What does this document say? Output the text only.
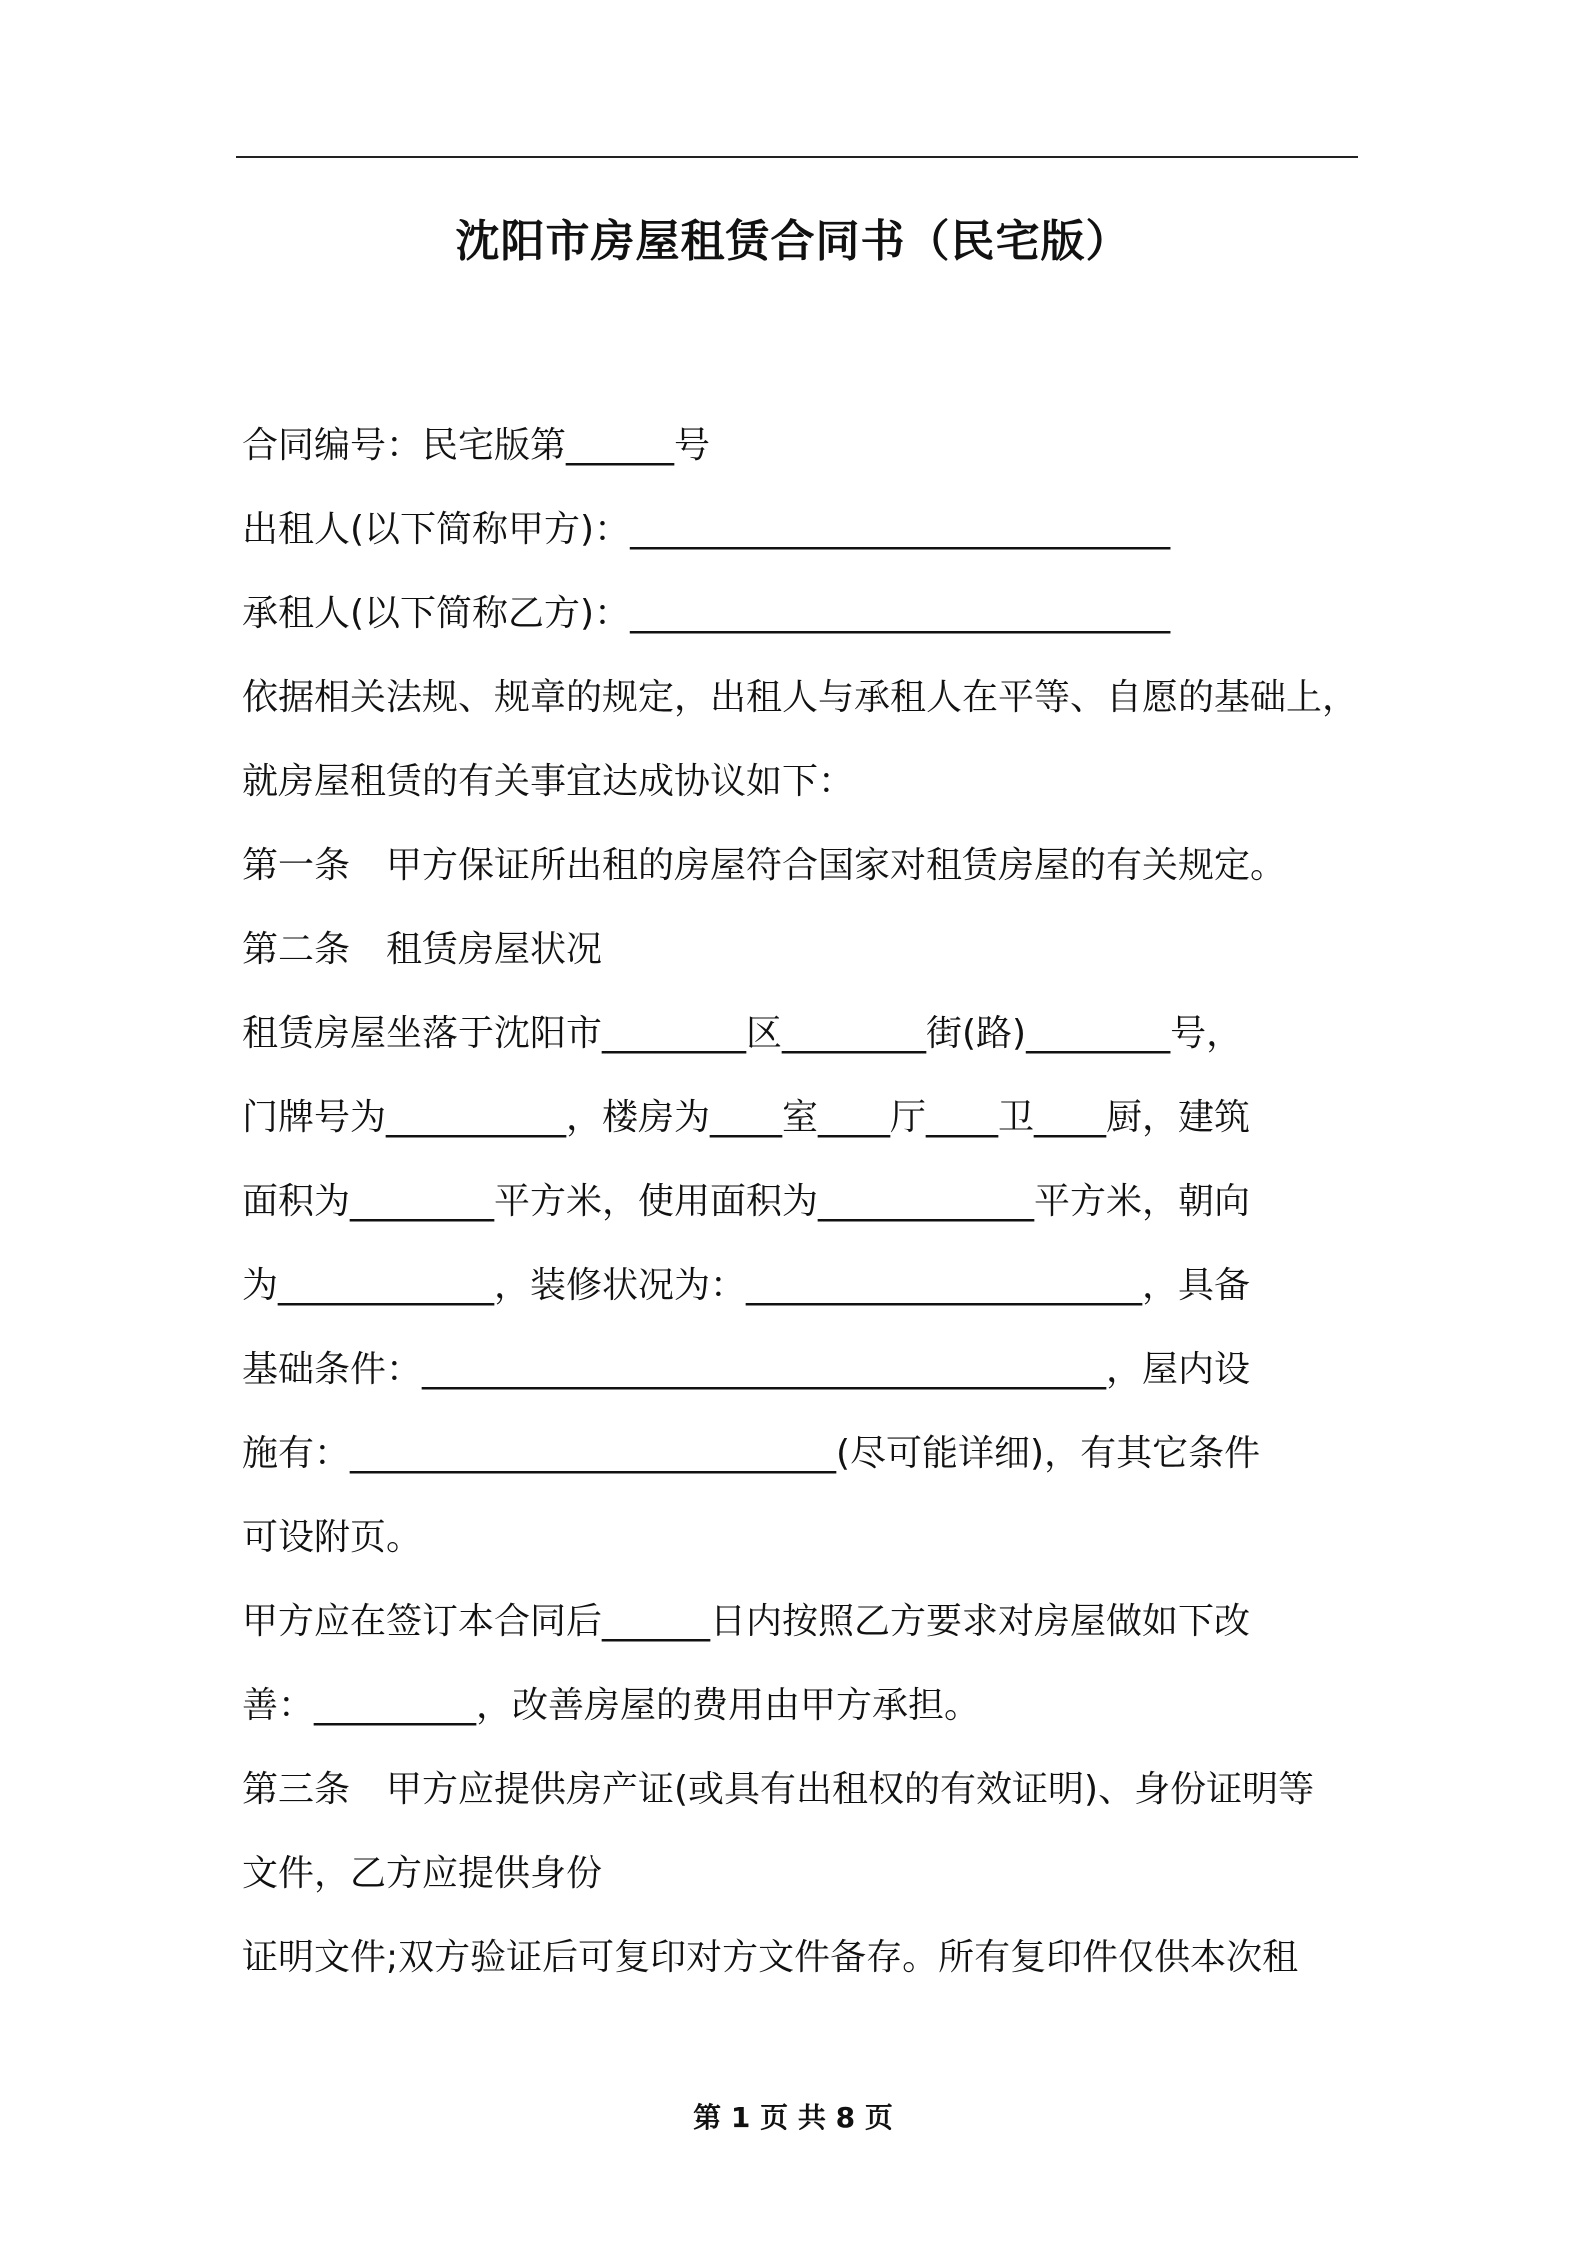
沈阳市房屋租赁合同书（民宅版）
合同编号：民宅版第______号
出租人(以下简称甲方)：______________________________
承租人(以下简称乙方)：______________________________
依据相关法规、规章的规定，出租人与承租人在平等、自愿的基础上，
就房屋租赁的有关事宜达成协议如下：
第一条　甲方保证所出租的房屋符合国家对租赁房屋的有关规定。
第二条　租赁房屋状况
租赁房屋坐落于沈阳市________区________街(路)________号，
门牌号为__________，楼房为____室____厅____卫____厨，建筑
面积为________平方米，使用面积为____________平方米，朝向
为____________，装修状况为：______________________，具备
基础条件：______________________________________，屋内设
施有：___________________________(尽可能详细)，有其它条件
可设附页。
甲方应在签订本合同后______日内按照乙方要求对房屋做如下改
善：_________，改善房屋的费用由甲方承担。
第三条　甲方应提供房产证(或具有出租权的有效证明)、身份证明等
文件，乙方应提供身份
证明文件;双方验证后可复印对方文件备存。所有复印件仅供本次租
第 1 页 共 8 页
